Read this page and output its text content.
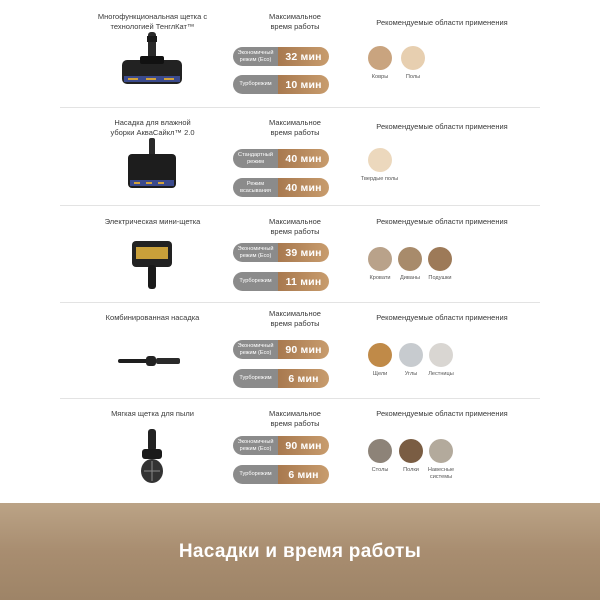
Многофункциональная щетка с
технологией ТенглКат™
Максимальное
время работы
Экономичный
режим (Eco)	32 мин
Турборежим	10 мин
Рекомендуемые области применения
Ковры	Полы
Насадка для влажной
уборки АкваСайкл™ 2.0
Максимальное
время работы
Стандартный
режим	40 мин
Режим
всасывания	40 мин
Рекомендуемые области применения
Твердые полы
Электрическая мини-щетка	Максимальное
время работы
Экономичный
режим (Eco)	39 мин
Турборежим	11 мин
Рекомендуемые области применения
Кровати	Диваны	Подушки
Комбинированная насадка	Максимальное
время работы
Экономичный
режим (Eco)	90 мин
Турборежим	6 мин
Рекомендуемые области применения
Щели	Углы	Лестницы
Мягкая щетка для пыли	Максимальное
время работы
Экономичный
режим (Eco)	90 мин
Турборежим	6 мин
Рекомендуемые области применения
Столы	Полки	Навесные
системы
Насадки и время работы
